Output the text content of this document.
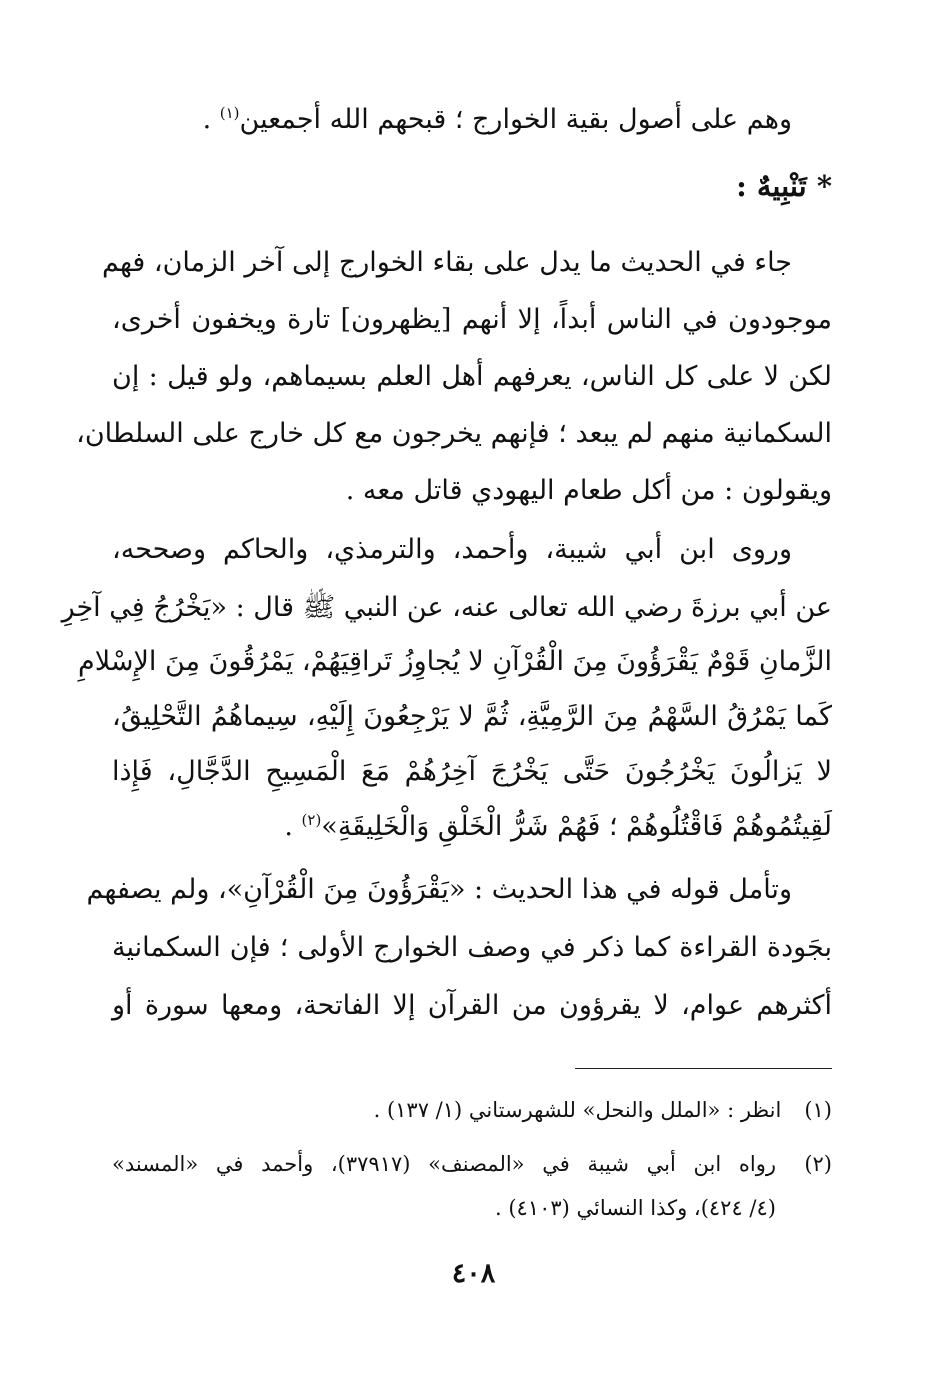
وهم على أصول بقية الخوارج ؛ قبحهم الله أجمعين$^{(١)}$ .
* تَنْبِيهٌ :
جاء في الحديث ما يدل على بقاء الخوارج إلى آخر الزمان، فهم
موجودون في الناس أبداً، إلا أنهم [يظهرون] تارة ويخفون أخرى،
لكن لا على كل الناس، يعرفهم أهل العلم بسيماهم، ولو قيل : إن
السكمانية منهم لم يبعد ؛ فإنهم يخرجون مع كل خارج على السلطان،
ويقولون : من أكل طعام اليهودي قاتل معه .
وروى ابن أبي شيبة، وأحمد، والترمذي، والحاكم وصححه،
عن أبي برزةَ رضي الله تعالى عنه، عن النبي ﷺ قال : «يَخْرُجُ فِي آخِرِ
الزَّمانِ قَوْمٌ يَقْرَؤُونَ مِنَ الْقُرْآنِ لا يُجاوِزُ تَراقِيَهُمْ، يَمْرُقُونَ مِنَ الإِسْلامِ
كَما يَمْرُقُ السَّهْمُ مِنَ الرَّمِيَّةِ، ثُمَّ لا يَرْجِعُونَ إِلَيْهِ، سِيماهُمُ التَّحْلِيقُ،
لا يَزالُونَ يَخْرُجُونَ حَتَّى يَخْرُجَ آخِرُهُمْ مَعَ الْمَسِيحِ الدَّجَّالِ، فَإِذا
لَقِيتُمُوهُمْ فَاقْتُلُوهُمْ ؛ فَهُمْ شَرُّ الْخَلْقِ وَالْخَلِيقَةِ»$^{(٢)}$ .
وتأمل قوله في هذا الحديث : «يَقْرَؤُونَ مِنَ الْقُرْآنِ»، ولم يصفهم
بجَودة القراءة كما ذكر في وصف الخوارج الأولى ؛ فإن السكمانية
أكثرهم عوام، لا يقرؤون من القرآن إلا الفاتحة، ومعها سورة أو
(١) انظر : «الملل والنحل» للشهرستاني (١/ ١٣٧) .
(٢)
رواه ابن أبي شيبة في «المصنف» (٣٧٩١٧)، وأحمد في «المسند»
(٤/ ٤٢٤)، وكذا النسائي (٤١٠٣) .
٤٠٨
